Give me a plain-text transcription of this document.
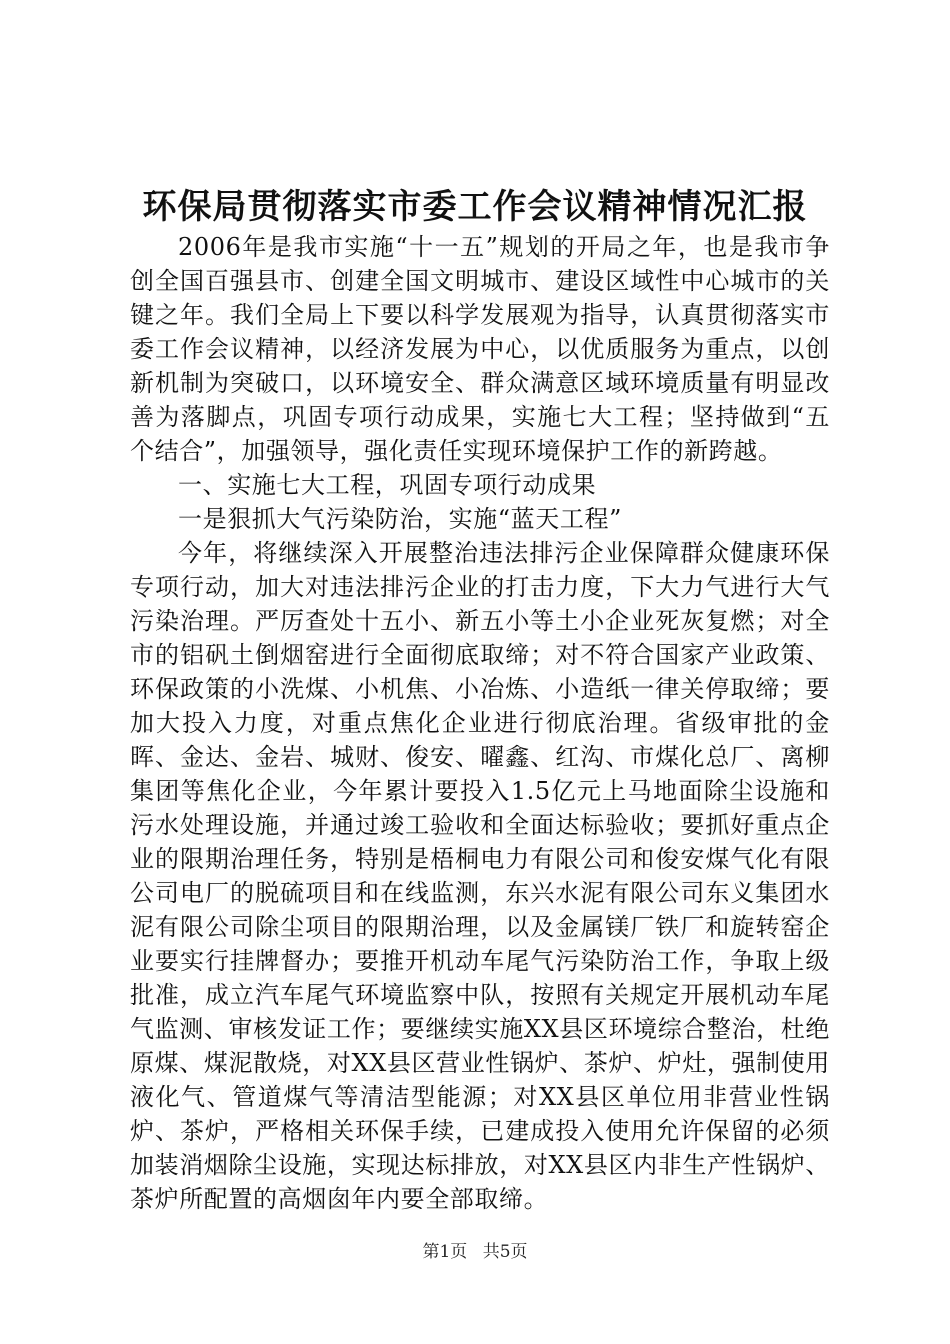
环保局贯彻落实市委工作会议精神情况汇报

2006年是我市实施“十一五”规划的开局之年，也是我市争创全国百强县市、创建全国文明城市、建设区域性中心城市的关键之年。我们全局上下要以科学发展观为指导，认真贯彻落实市委工作会议精神，以经济发展为中心，以优质服务为重点，以创新机制为突破口，以环境安全、群众满意区域环境质量有明显改善为落脚点，巩固专项行动成果，实施七大工程；坚持做到“五个结合”，加强领导，强化责任实现环境保护工作的新跨越。

一、实施七大工程，巩固专项行动成果

一是狠抓大气污染防治，实施“蓝天工程”

今年，将继续深入开展整治违法排污企业保障群众健康环保专项行动，加大对违法排污企业的打击力度，下大力气进行大气污染治理。严厉查处十五小、新五小等土小企业死灰复燃；对全市的铝矾土倒烟窑进行全面彻底取缔；对不符合国家产业政策、环保政策的小洗煤、小机焦、小冶炼、小造纸一律关停取缔；要加大投入力度，对重点焦化企业进行彻底治理。省级审批的金晖、金达、金岩、城财、俊安、曜鑫、红沟、市煤化总厂、离柳集团等焦化企业，今年累计要投入1.5亿元上马地面除尘设施和污水处理设施，并通过竣工验收和全面达标验收；要抓好重点企业的限期治理任务，特别是梧桐电力有限公司和俊安煤气化有限公司电厂的脱硫项目和在线监测，东兴水泥有限公司东义集团水泥有限公司除尘项目的限期治理，以及金属镁厂铁厂和旋转窑企业要实行挂牌督办；要推开机动车尾气污染防治工作，争取上级批准，成立汽车尾气环境监察中队，按照有关规定开展机动车尾气监测、审核发证工作；要继续实施XX县区环境综合整治，杜绝原煤、煤泥散烧，对XX县区营业性锅炉、茶炉、炉灶，强制使用液化气、管道煤气等清洁型能源；对XX县区单位用非营业性锅炉、茶炉，严格相关环保手续，已建成投入使用允许保留的必须加装消烟除尘设施，实现达标排放，对XX县区内非生产性锅炉、茶炉所配置的高烟囱年内要全部取缔。

第1页 共5页
